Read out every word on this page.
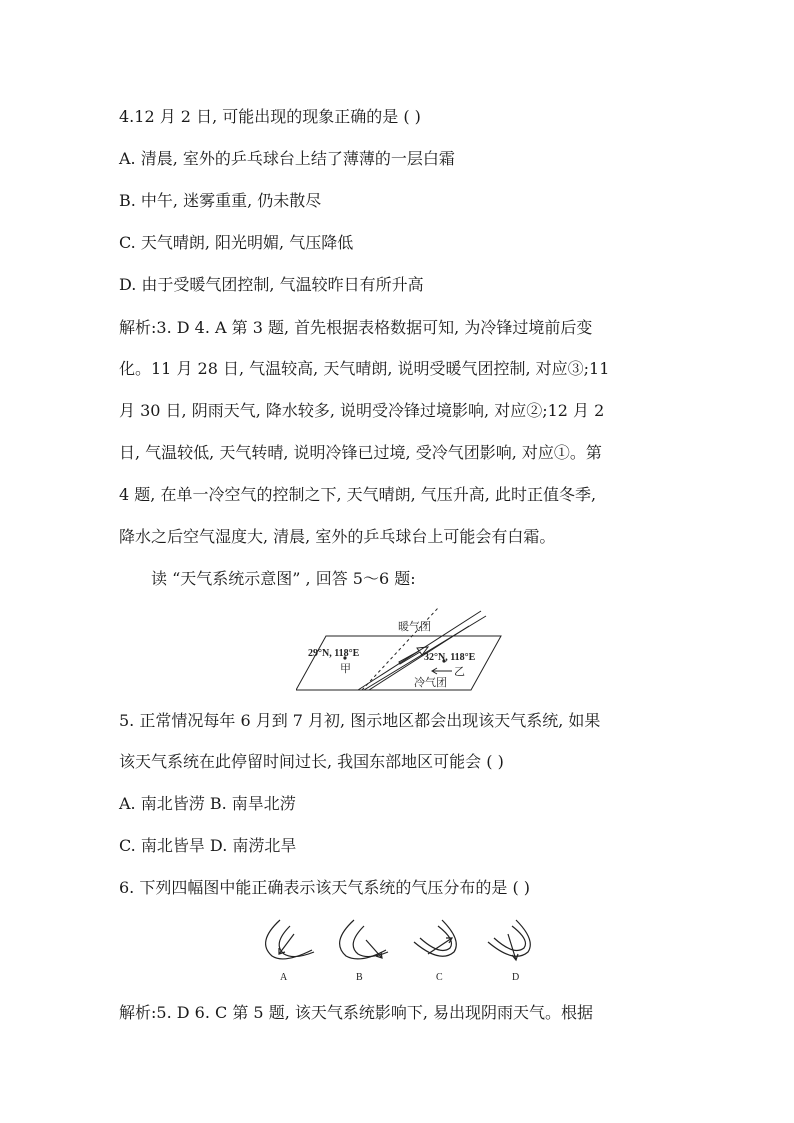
4.12 月 2 日, 可能出现的现象正确的是 ( )
A. 清晨, 室外的乒乓球台上结了薄薄的一层白霜
B. 中午, 迷雾重重, 仍未散尽
C. 天气晴朗, 阳光明媚, 气压降低
D. 由于受暖气团控制, 气温较昨日有所升高
解析:3. D 4. A 第 3 题, 首先根据表格数据可知, 为冷锋过境前后变
化。11 月 28 日, 气温较高, 天气晴朗, 说明受暖气团控制, 对应③;11
月 30 日, 阴雨天气, 降水较多, 说明受冷锋过境影响, 对应②;12 月 2
日, 气温较低, 天气转晴, 说明冷锋已过境, 受冷气团影响, 对应①。第
4 题, 在单一冷空气的控制之下, 天气晴朗, 气压升高, 此时正值冬季,
降水之后空气湿度大, 清晨, 室外的乒乓球台上可能会有白霜。
读 “天气系统示意图” , 回答 5～6 题:
暖气团
29°N, 118°E
甲
32°N, 118°E
乙
冷气团
5. 正常情况每年 6 月到 7 月初, 图示地区都会出现该天气系统, 如果
该天气系统在此停留时间过长, 我国东部地区可能会 ( )
A. 南北皆涝 B. 南旱北涝
C. 南北皆旱 D. 南涝北旱
6. 下列四幅图中能正确表示该天气系统的气压分布的是 ( )
A	B	C	D
解析:5. D 6. C 第 5 题, 该天气系统影响下, 易出现阴雨天气。根据
